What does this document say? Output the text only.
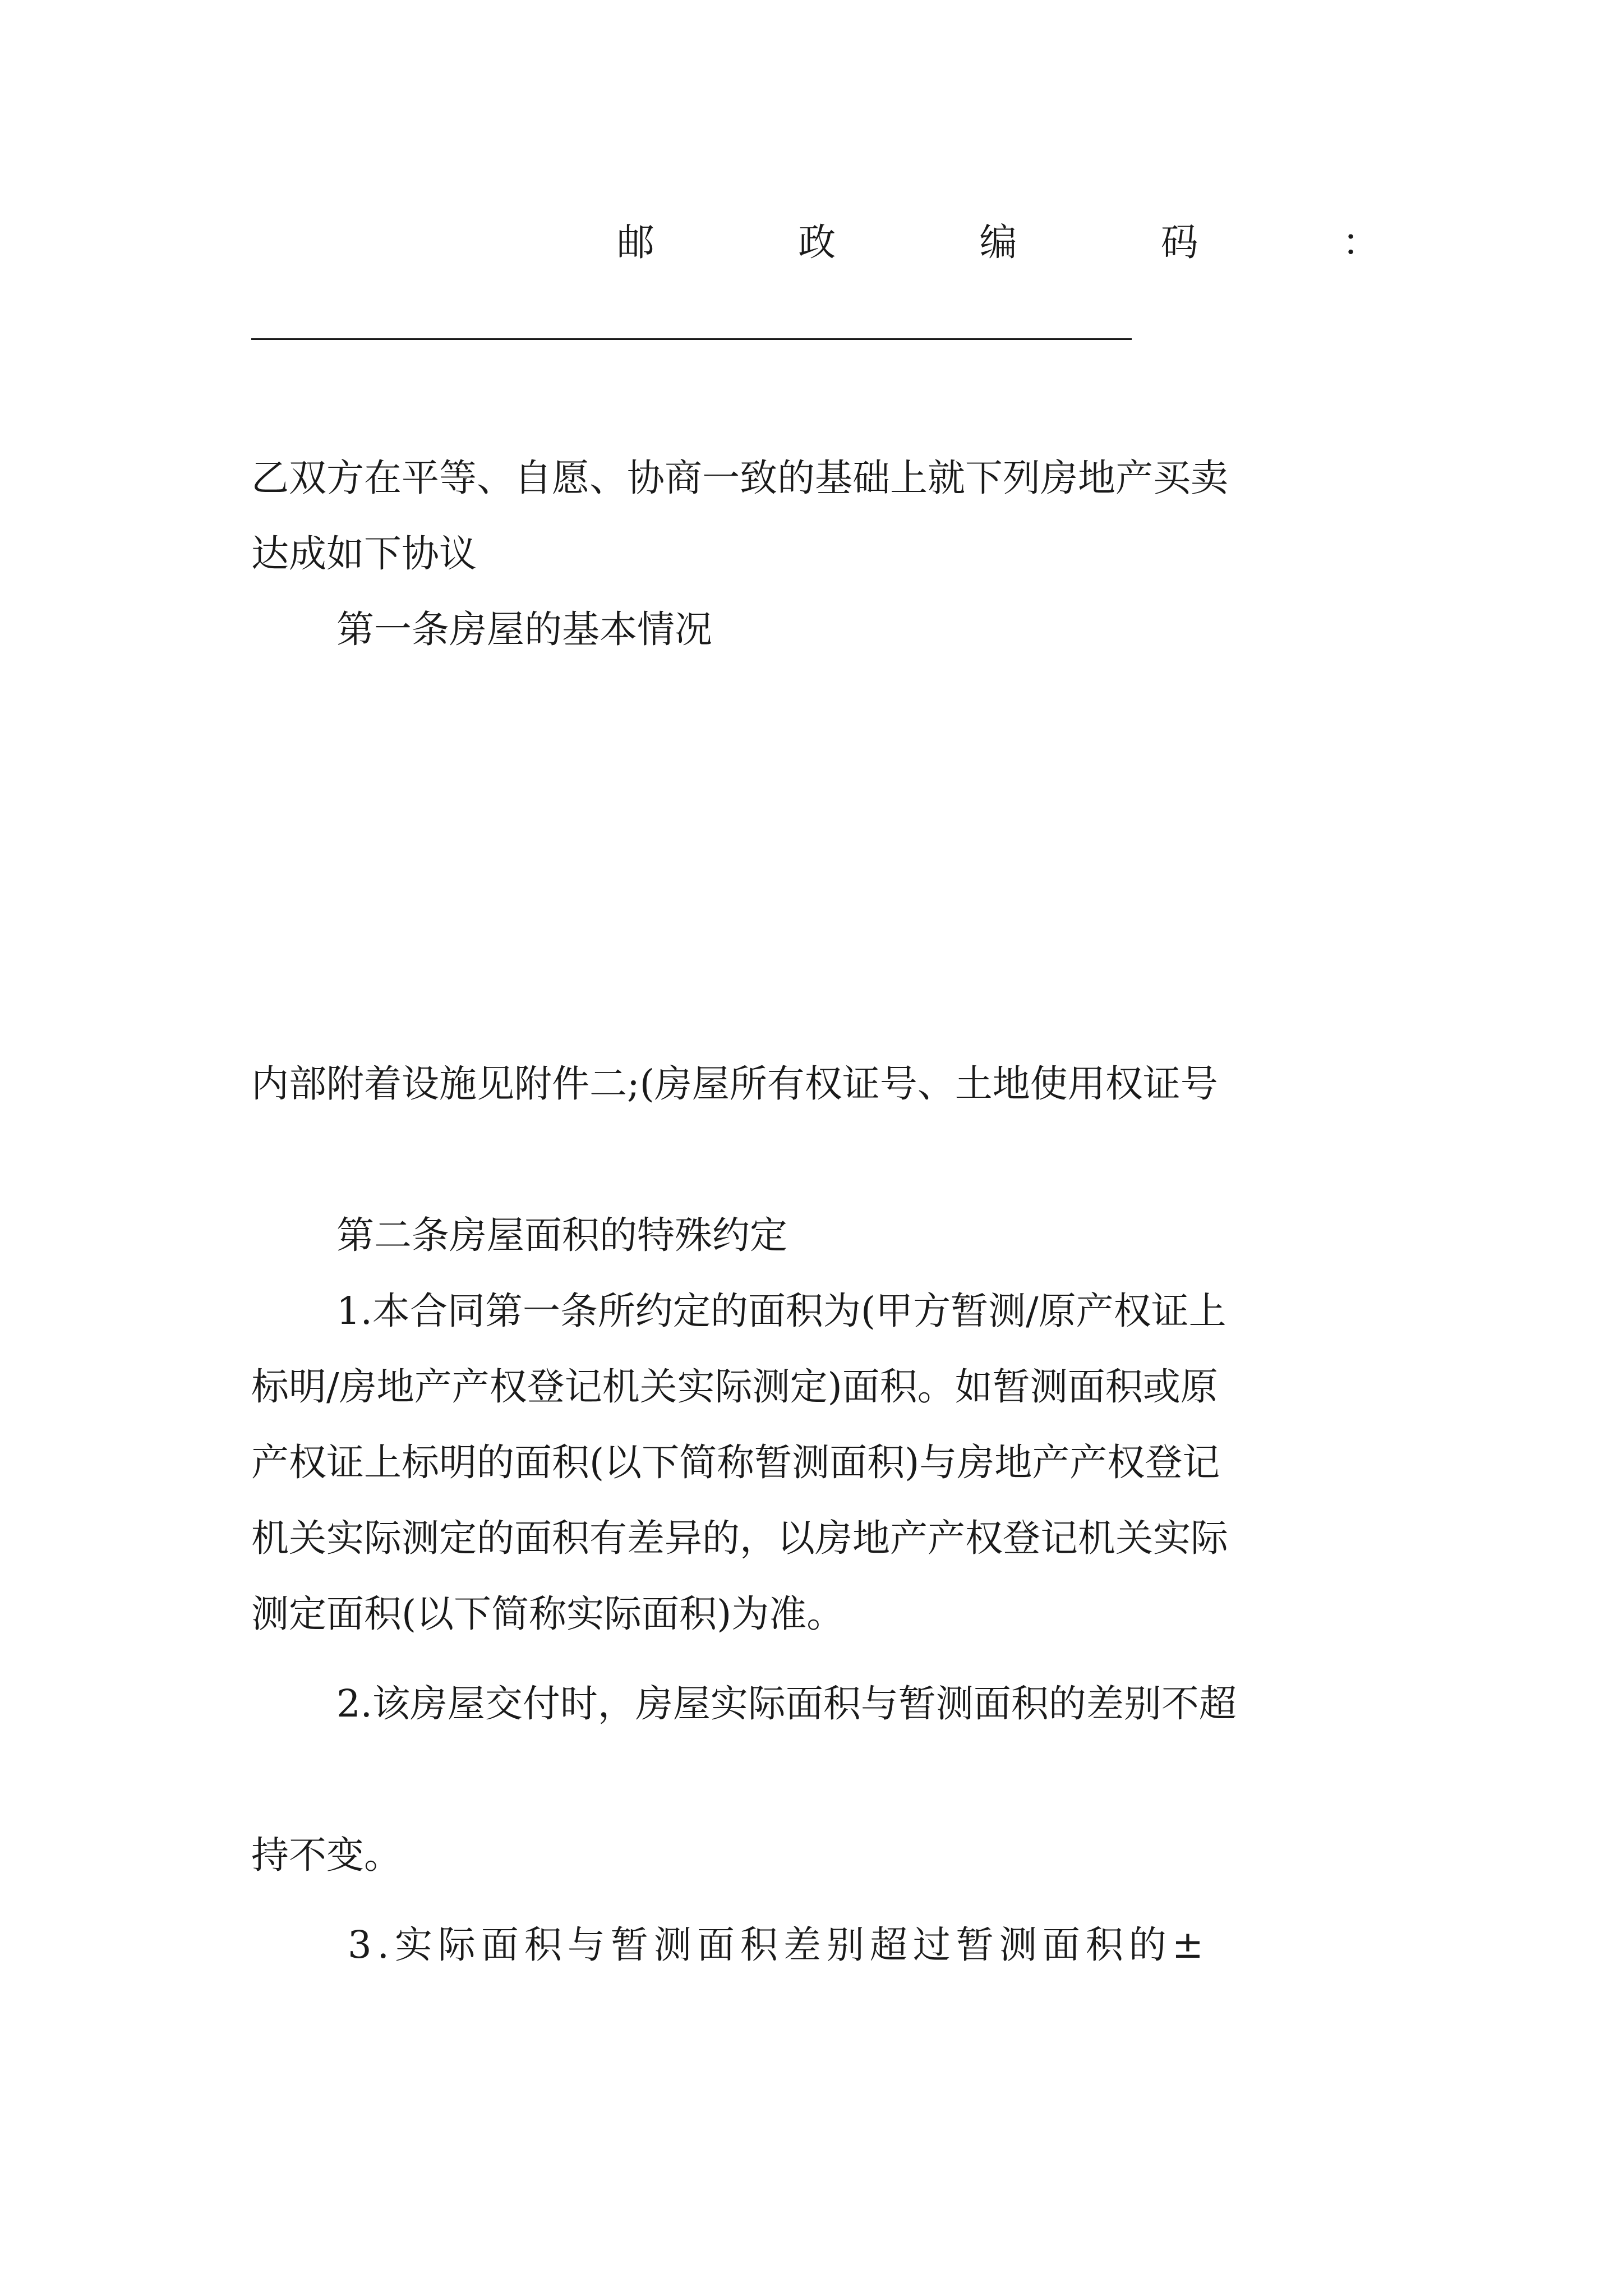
邮	政	编	码	：

乙双方在平等、自愿、协商一致的基础上就下列房地产买卖
达成如下协议
第一条房屋的基本情况

内部附着设施见附件二;(房屋所有权证号、土地使用权证号

第二条房屋面积的特殊约定
1.本合同第一条所约定的面积为(甲方暂测/原产权证上
标明/房地产产权登记机关实际测定)面积。如暂测面积或原
产权证上标明的面积(以下简称暂测面积)与房地产产权登记
机关实际测定的面积有差异的，以房地产产权登记机关实际
测定面积(以下简称实际面积)为准。
2.该房屋交付时，房屋实际面积与暂测面积的差别不超

持不变。
3.实际面积与暂测面积差别超过暂测面积的±
